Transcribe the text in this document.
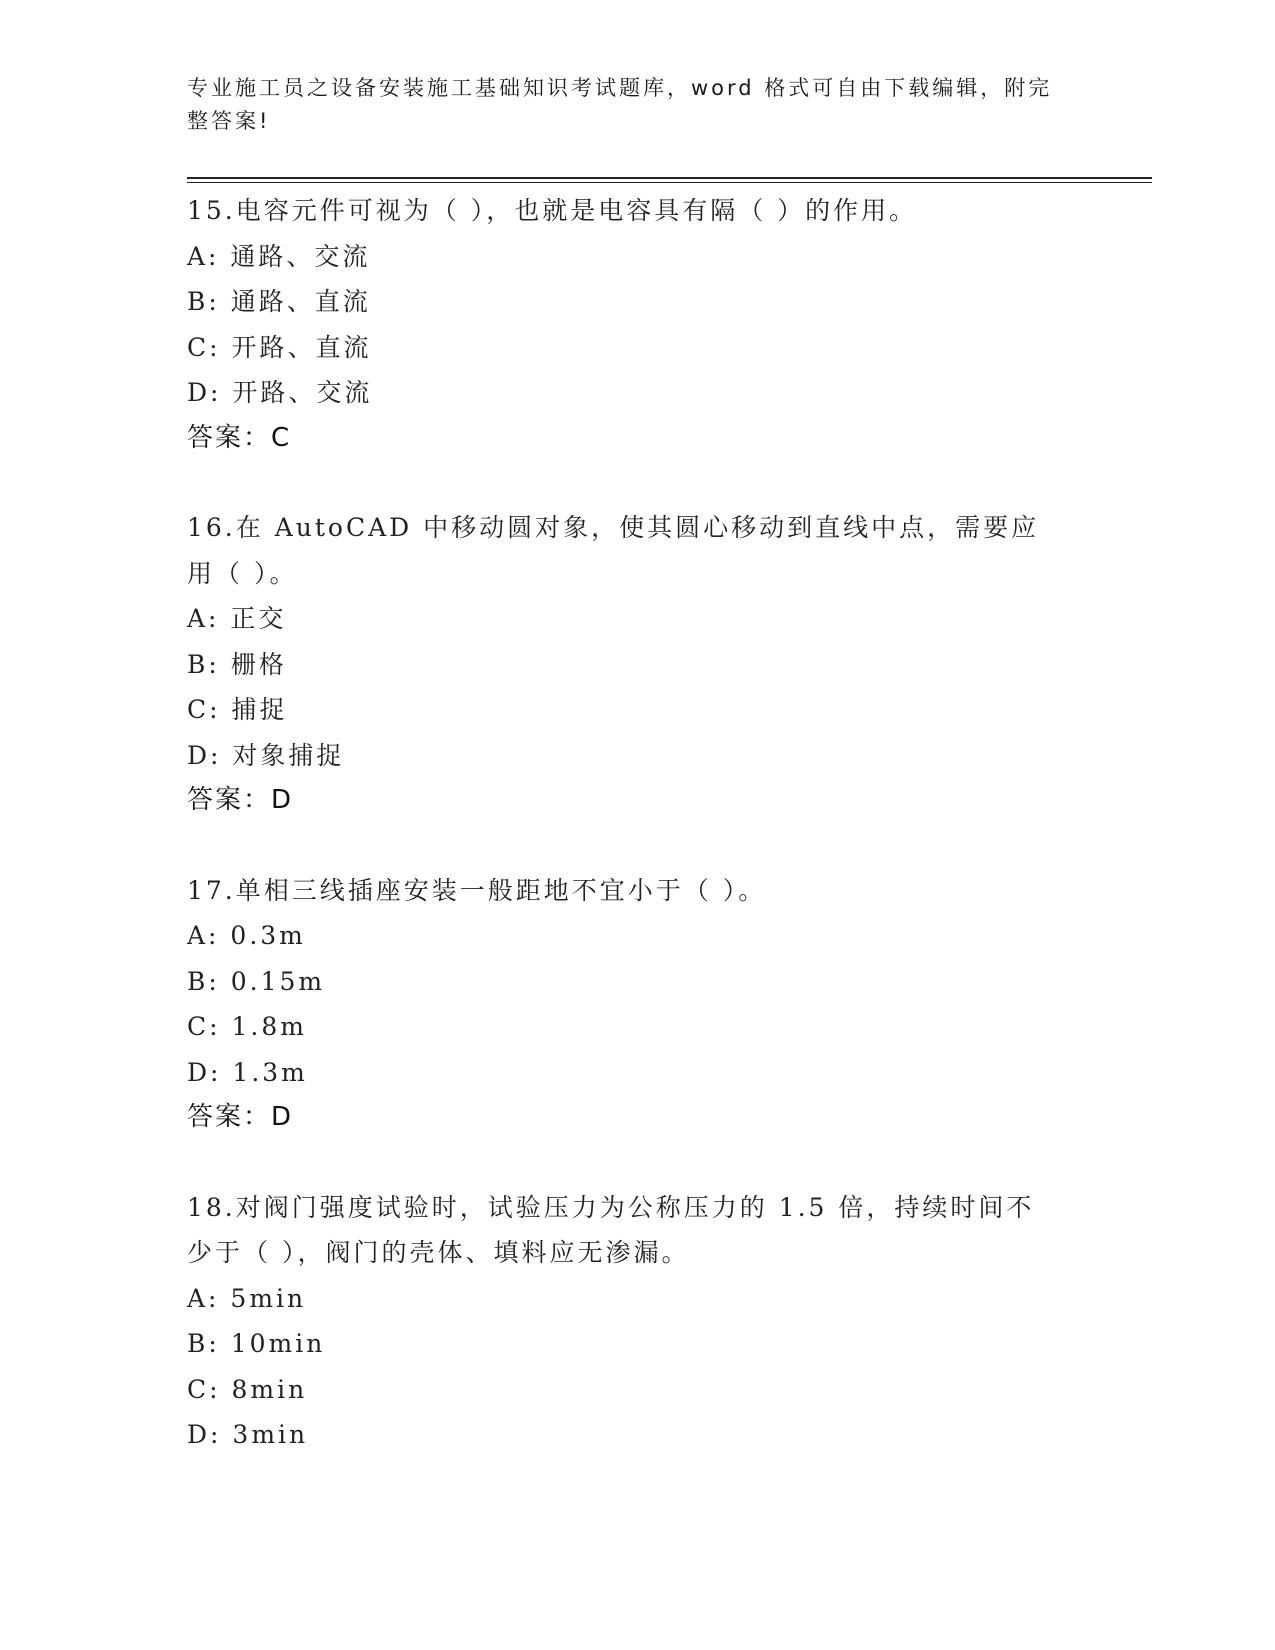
专业施工员之设备安装施工基础知识考试题库，word 格式可自由下载编辑，附完整答案!

15.电容元件可视为（ ），也就是电容具有隔（ ）的作用。

A: 通路、交流

B: 通路、直流

C: 开路、直流

D: 开路、交流

答案：C

16.在 AutoCAD 中移动圆对象，使其圆心移动到直线中点，需要应用（ ）。

A: 正交

B: 栅格

C: 捕捉

D: 对象捕捉

答案：D

17.单相三线插座安装一般距地不宜小于（ ）。

A: 0.3m

B: 0.15m

C: 1.8m

D: 1.3m

答案：D

18.对阀门强度试验时，试验压力为公称压力的 1.5 倍，持续时间不少于（ ），阀门的壳体、填料应无渗漏。

A: 5min

B: 10min

C: 8min

D: 3min
